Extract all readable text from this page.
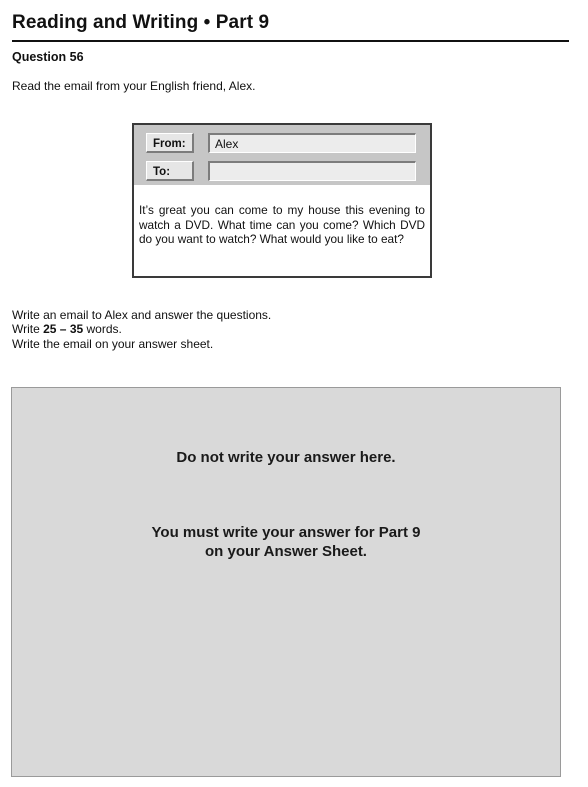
Reading and Writing • Part 9
Question 56
Read the email from your English friend, Alex.
From:	Alex
To:
It’s great you can come to my house this evening to watch a DVD. What time can you come? Which DVD do you want to watch? What would you like to eat?
Write an email to Alex and answer the questions.
Write 25 – 35 words.
Write the email on your answer sheet.
Do not write your answer here.
You must write your answer for Part 9
on your Answer Sheet.
